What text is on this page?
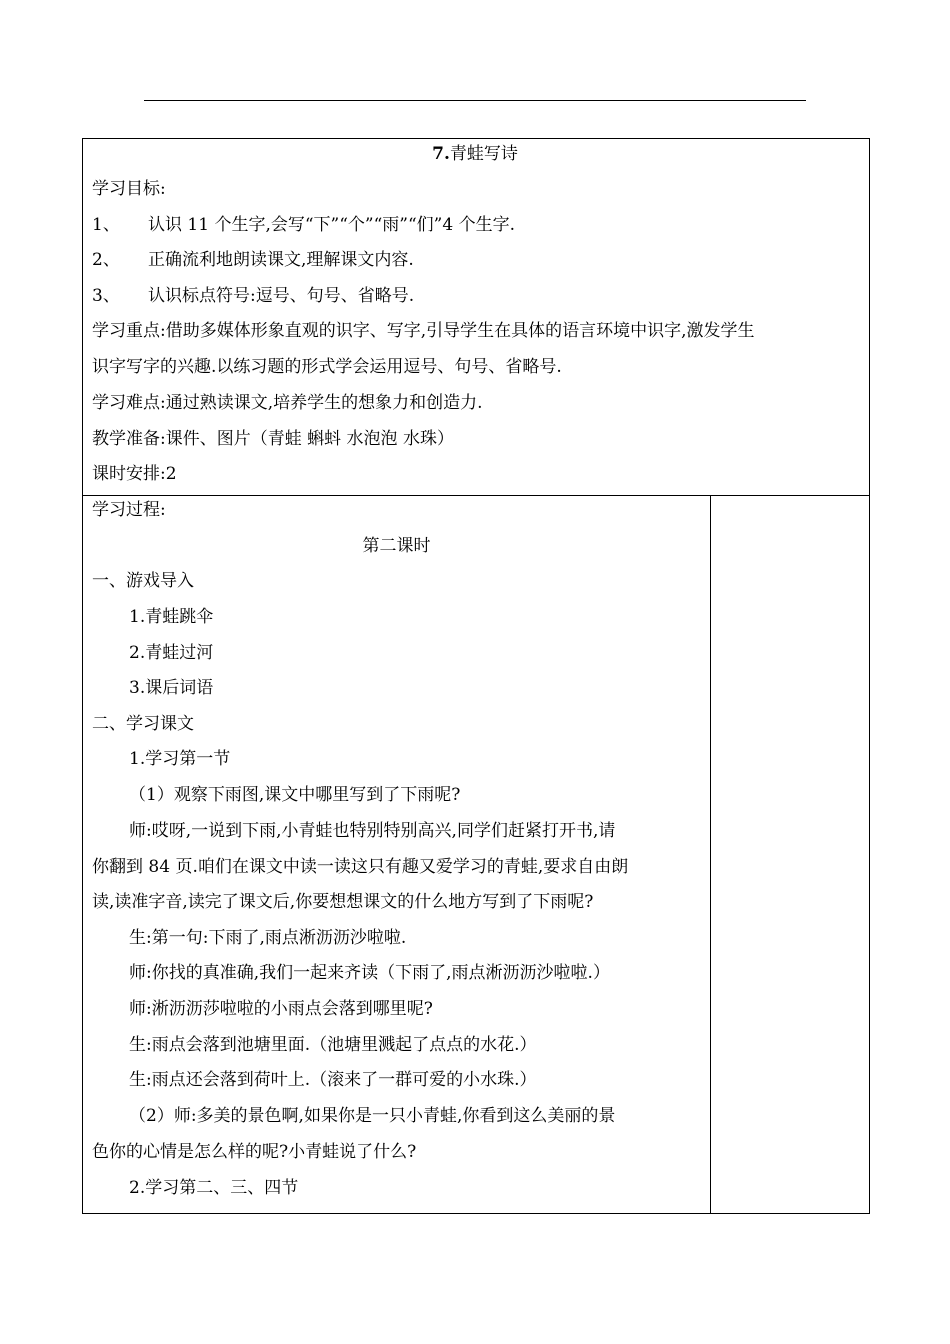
7.青蛙写诗
学习目标:
1、 认识 11 个生字,会写“下”“个”“雨”“们”4 个生字.
2、 正确流利地朗读课文,理解课文内容.
3、 认识标点符号:逗号、句号、省略号.
学习重点:借助多媒体形象直观的识字、写字,引导学生在具体的语言环境中识字,激发学生
识字写字的兴趣.以练习题的形式学会运用逗号、句号、省略号.
学习难点:通过熟读课文,培养学生的想象力和创造力.
教学准备:课件、图片（青蛙 蝌蚪 水泡泡 水珠）
课时安排:2
学习过程:
第二课时
一、游戏导入
1.青蛙跳伞
2.青蛙过河
3.课后词语
二、学习课文
1.学习第一节
（1）观察下雨图,课文中哪里写到了下雨呢?
师:哎呀,一说到下雨,小青蛙也特别特别高兴,同学们赶紧打开书,请
你翻到 84 页.咱们在课文中读一读这只有趣又爱学习的青蛙,要求自由朗
读,读准字音,读完了课文后,你要想想课文的什么地方写到了下雨呢?
生:第一句:下雨了,雨点淅沥沥沙啦啦.
师:你找的真准确,我们一起来齐读（下雨了,雨点淅沥沥沙啦啦.）
师:淅沥沥莎啦啦的小雨点会落到哪里呢?
生:雨点会落到池塘里面.（池塘里溅起了点点的水花.）
生:雨点还会落到荷叶上.（滚来了一群可爱的小水珠.）
（2）师:多美的景色啊,如果你是一只小青蛙,你看到这么美丽的景
色你的心情是怎么样的呢?小青蛙说了什么?
2.学习第二、三、四节
